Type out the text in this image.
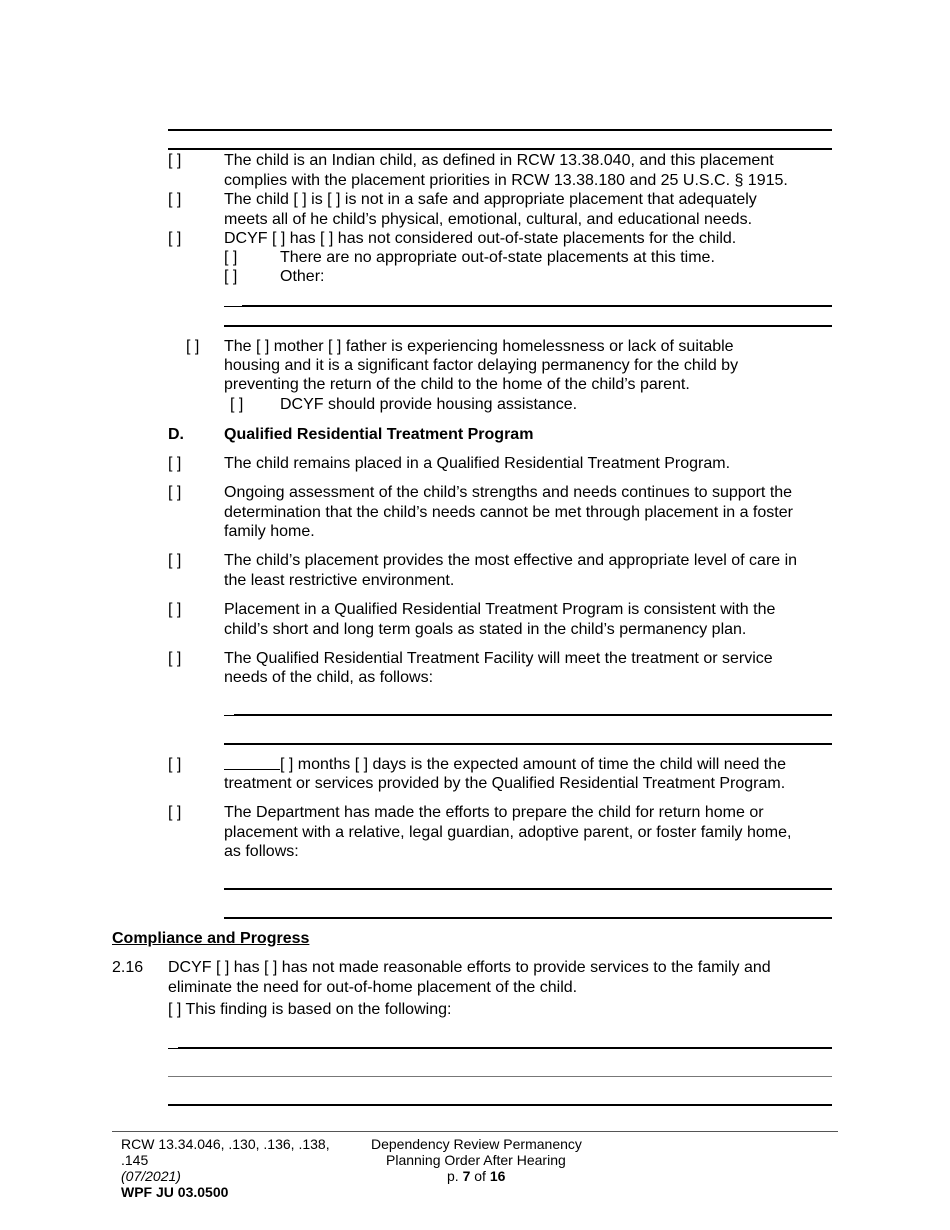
[ ]	The child is an Indian child, as defined in RCW 13.38.040, and this placement
complies with the placement priorities in RCW 13.38.180 and 25 U.S.C. § 1915.
[ ]	The child [ ] is [ ] is not in a safe and appropriate placement that adequately
meets all of he child’s physical, emotional, cultural, and educational needs.
[ ]	DCYF [ ] has [ ] has not considered out-of-state placements for the child.
[ ]	There are no appropriate out-of-state placements at this time.
[ ]	Other:
[ ] The [ ] mother [ ] father is experiencing homelessness or lack of suitable
housing and it is a significant factor delaying permanency for the child by
preventing the return of the child to the home of the child’s parent.
[ ] DCYF should provide housing assistance.
D.	Qualified Residential Treatment Program
[ ]	The child remains placed in a Qualified Residential Treatment Program.
[ ]	Ongoing assessment of the child’s strengths and needs continues to support the
determination that the child’s needs cannot be met through placement in a foster
family home.
[ ]	The child’s placement provides the most effective and appropriate level of care in
the least restrictive environment.
[ ]	Placement in a Qualified Residential Treatment Program is consistent with the
child’s short and long term goals as stated in the child’s permanency plan.
[ ]	The Qualified Residential Treatment Facility will meet the treatment or service
needs of the child, as follows:
[ ]	[ ] months [ ] days is the expected amount of time the child will need the
treatment or services provided by the Qualified Residential Treatment Program.
[ ]	The Department has made the efforts to prepare the child for return home or
placement with a relative, legal guardian, adoptive parent, or foster family home,
as follows:
Compliance and Progress
2.16 DCYF [ ] has [ ] has not made reasonable efforts to provide services to the family and
eliminate the need for out-of-home placement of the child.
[ ] This finding is based on the following:
RCW 13.34.046, .130, .136, .138,
.145
(07/2021)
WPF JU 03.0500
Dependency Review Permanency
Planning Order After Hearing
p. 7 of 16
